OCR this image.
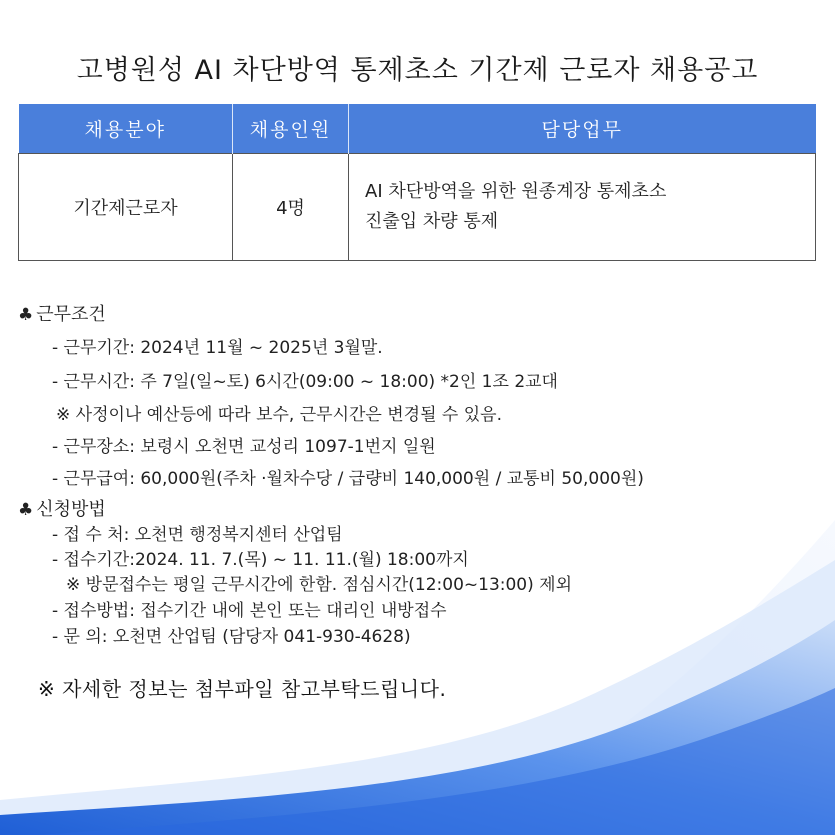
고병원성 AI 차단방역 통제초소 기간제 근로자 채용공고
채용분야	채용인원	담당업무
기간제근로자	4명	AI 차단방역을 위한 원종계장 통제초소
진출입 차량 통제
♣ 근무조건
- 근무기간: 2024년 11월 ~ 2025년 3월말.
- 근무시간: 주 7일(일~토) 6시간(09:00 ~ 18:00) *2인 1조 2교대
※ 사정이나 예산등에 따라 보수, 근무시간은 변경될 수 있음.
- 근무장소: 보령시 오천면 교성리 1097-1번지 일원
- 근무급여: 60,000원(주차 ·월차수당 / 급량비 140,000원 / 교통비 50,000원)
♣ 신청방법
- 접 수 처: 오천면 행정복지센터 산업팀
- 접수기간:2024. 11. 7.(목) ~ 11. 11.(월) 18:00까지
※ 방문접수는 평일 근무시간에 한함. 점심시간(12:00~13:00) 제외
- 접수방법: 접수기간 내에 본인 또는 대리인 내방접수
- 문 의: 오천면 산업팀 (담당자 041-930-4628)
※ 자세한 정보는 첨부파일 참고부탁드립니다.
